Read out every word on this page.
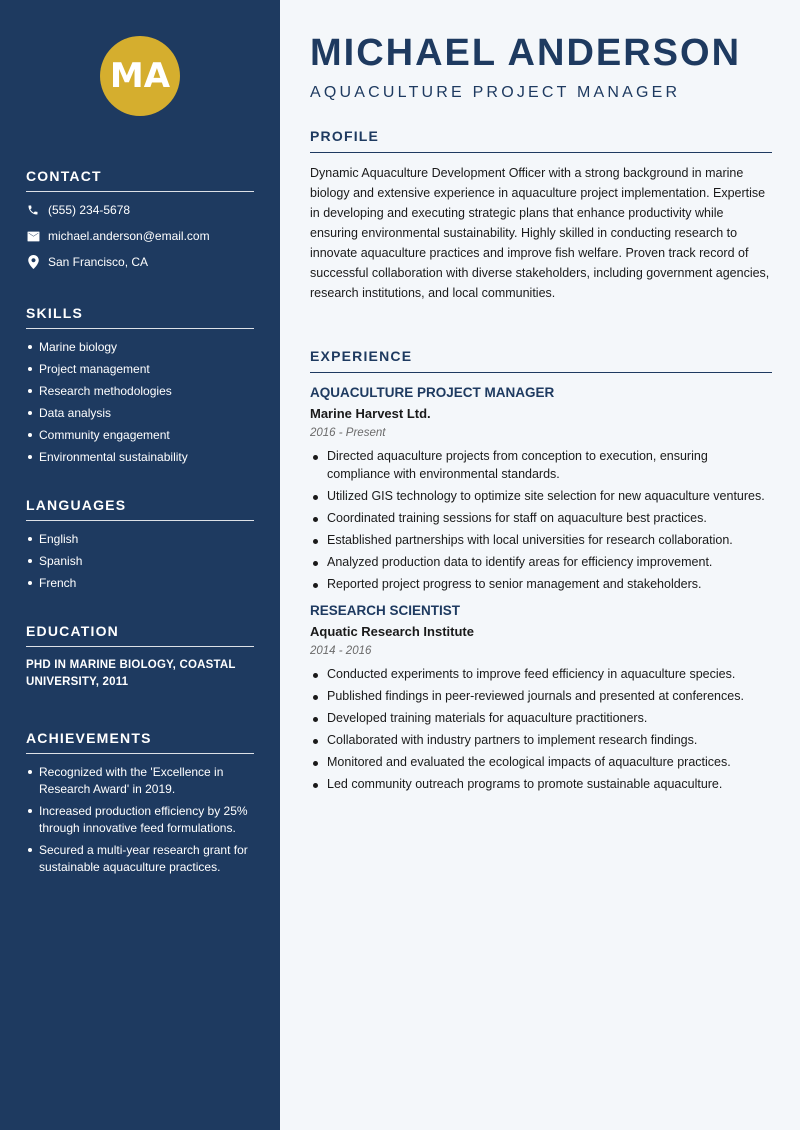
MA
CONTACT
(555) 234-5678
michael.anderson@email.com
San Francisco, CA
SKILLS
Marine biology
Project management
Research methodologies
Data analysis
Community engagement
Environmental sustainability
LANGUAGES
English
Spanish
French
EDUCATION
PHD IN MARINE BIOLOGY, COASTAL UNIVERSITY, 2011
ACHIEVEMENTS
Recognized with the 'Excellence in Research Award' in 2019.
Increased production efficiency by 25% through innovative feed formulations.
Secured a multi-year research grant for sustainable aquaculture practices.
MICHAEL ANDERSON
AQUACULTURE PROJECT MANAGER
PROFILE
Dynamic Aquaculture Development Officer with a strong background in marine biology and extensive experience in aquaculture project implementation. Expertise in developing and executing strategic plans that enhance productivity while ensuring environmental sustainability. Highly skilled in conducting research to innovate aquaculture practices and improve fish welfare. Proven track record of successful collaboration with diverse stakeholders, including government agencies, research institutions, and local communities.
EXPERIENCE
AQUACULTURE PROJECT MANAGER
Marine Harvest Ltd.
2016 - Present
Directed aquaculture projects from conception to execution, ensuring compliance with environmental standards.
Utilized GIS technology to optimize site selection for new aquaculture ventures.
Coordinated training sessions for staff on aquaculture best practices.
Established partnerships with local universities for research collaboration.
Analyzed production data to identify areas for efficiency improvement.
Reported project progress to senior management and stakeholders.
RESEARCH SCIENTIST
Aquatic Research Institute
2014 - 2016
Conducted experiments to improve feed efficiency in aquaculture species.
Published findings in peer-reviewed journals and presented at conferences.
Developed training materials for aquaculture practitioners.
Collaborated with industry partners to implement research findings.
Monitored and evaluated the ecological impacts of aquaculture practices.
Led community outreach programs to promote sustainable aquaculture.
